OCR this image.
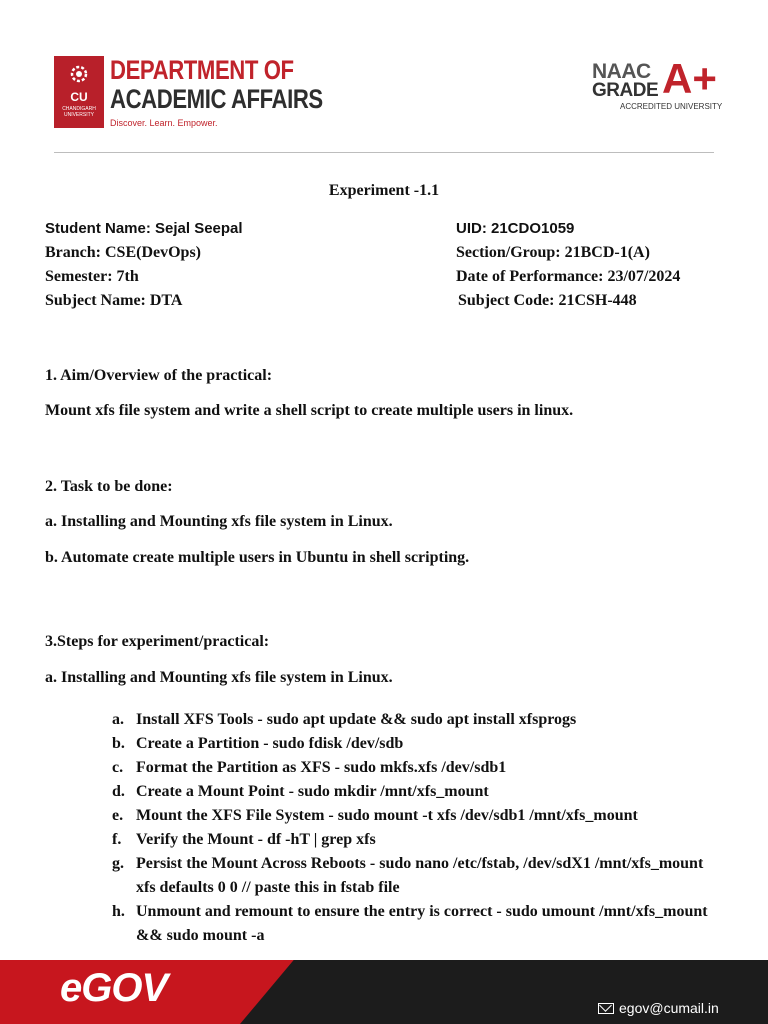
CU
CHANDIGARH UNIVERSITY
DEPARTMENT OF
ACADEMIC AFFAIRS
Discover. Learn. Empower.
NAAC
GRADE A+
ACCREDITED UNIVERSITY
Experiment -1.1
Student Name: Sejal Seepal	UID: 21CDO1059
Branch: CSE(DevOps)	Section/Group: 21BCD-1(A)
Semester: 7th	Date of Performance: 23/07/2024
Subject Name: DTA	Subject Code: 21CSH-448
1. Aim/Overview of the practical:
Mount xfs file system and write a shell script to create multiple users in linux.
2. Task to be done:
a. Installing and Mounting xfs file system in Linux.
b. Automate create multiple users in Ubuntu in shell scripting.
3.Steps for experiment/practical:
a. Installing and Mounting xfs file system in Linux.
a. Install XFS Tools - sudo apt update && sudo apt install xfsprogs
b. Create a Partition - sudo fdisk /dev/sdb
c. Format the Partition as XFS - sudo mkfs.xfs /dev/sdb1
d. Create a Mount Point - sudo mkdir /mnt/xfs_mount
e. Mount the XFS File System - sudo mount -t xfs /dev/sdb1 /mnt/xfs_mount
f. Verify the Mount - df -hT | grep xfs
g. Persist the Mount Across Reboots - sudo nano /etc/fstab, /dev/sdX1 /mnt/xfs_mount xfs defaults 0 0 // paste this in fstab file
h. Unmount and remount to ensure the entry is correct - sudo umount /mnt/xfs_mount && sudo mount -a
eGOV	egov@cumail.in
